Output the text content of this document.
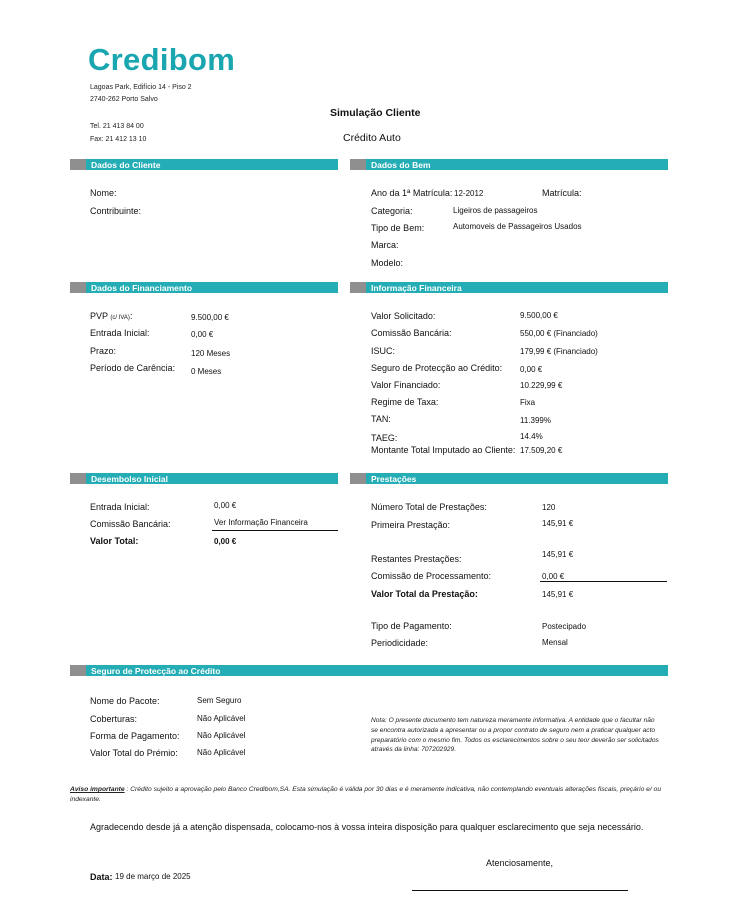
Credibom
Lagoas Park, Edifício 14 - Piso 2
2740-262 Porto Salvo
Tel. 21 413 84 00
Fax: 21 412 13 10
Simulação Cliente
Crédito Auto
Dados do Cliente	Dados do Bem
Nome:
Contribuinte:
Ano da 1ª Matrícula: 12-2012	Matrícula:
Categoria:	Ligeiros de passageiros
Tipo de Bem:	Automoveis de Passageiros Usados
Marca:
Modelo:
Dados do Financiamento	Informação Financeira
PVP (c/ IVA):	9.500,00 €
Entrada Inicial:	0,00 €
Prazo:	120 Meses
Período de Carência: 0 Meses
Valor Solicitado:	9.500,00 €
Comissão Bancária:	550,00 € (Financiado)
ISUC:	179,99 € (Financiado)
Seguro de Protecção ao Crédito: 0,00 €
Valor Financiado:	10.229,99 €
Regime de Taxa:	Fixa
TAN:	11.399%
TAEG:	14.4%
Montante Total Imputado ao Cliente: 17.509,20 €
Desembolso Inicial	Prestações
Entrada Inicial:	0,00 €
Comissão Bancária:	Ver Informação Financeira
Valor Total:	0,00 €
Número Total de Prestações:	120
Primeira Prestação:	145,91 €
Restantes Prestações:	145,91 €
Comissão de Processamento:	0,00 €
Valor Total da Prestação:	145,91 €
Tipo de Pagamento:	Postecipado
Periodicidade:	Mensal
Seguro de Protecção ao Crédito
Nome do Pacote:	Sem Seguro
Coberturas:	Não Aplicável
Forma de Pagamento: Não Aplicável
Valor Total do Prémio: Não Aplicável
Nota: O presente documento tem natureza meramente informativa. A entidade que o facultar não se encontra autorizada a apresentar ou a propor contrato de seguro nem a praticar qualquer acto preparatório com o mesmo fim. Todos os esclarecimentos sobre o seu teor deverão ser solicitados através da linha: 707202929.
Aviso importante : Crédito sujeito a aprovação pelo Banco Credibom,SA. Esta simulação é válida por 30 dias e é meramente indicativa, não contemplando eventuais alterações fiscais, preçário e/ ou indexante.
Agradecendo desde já a atenção dispensada, colocamo-nos à vossa inteira disposição para qualquer esclarecimento que seja necessário.
Atenciosamente,
Data: 19 de março de 2025
